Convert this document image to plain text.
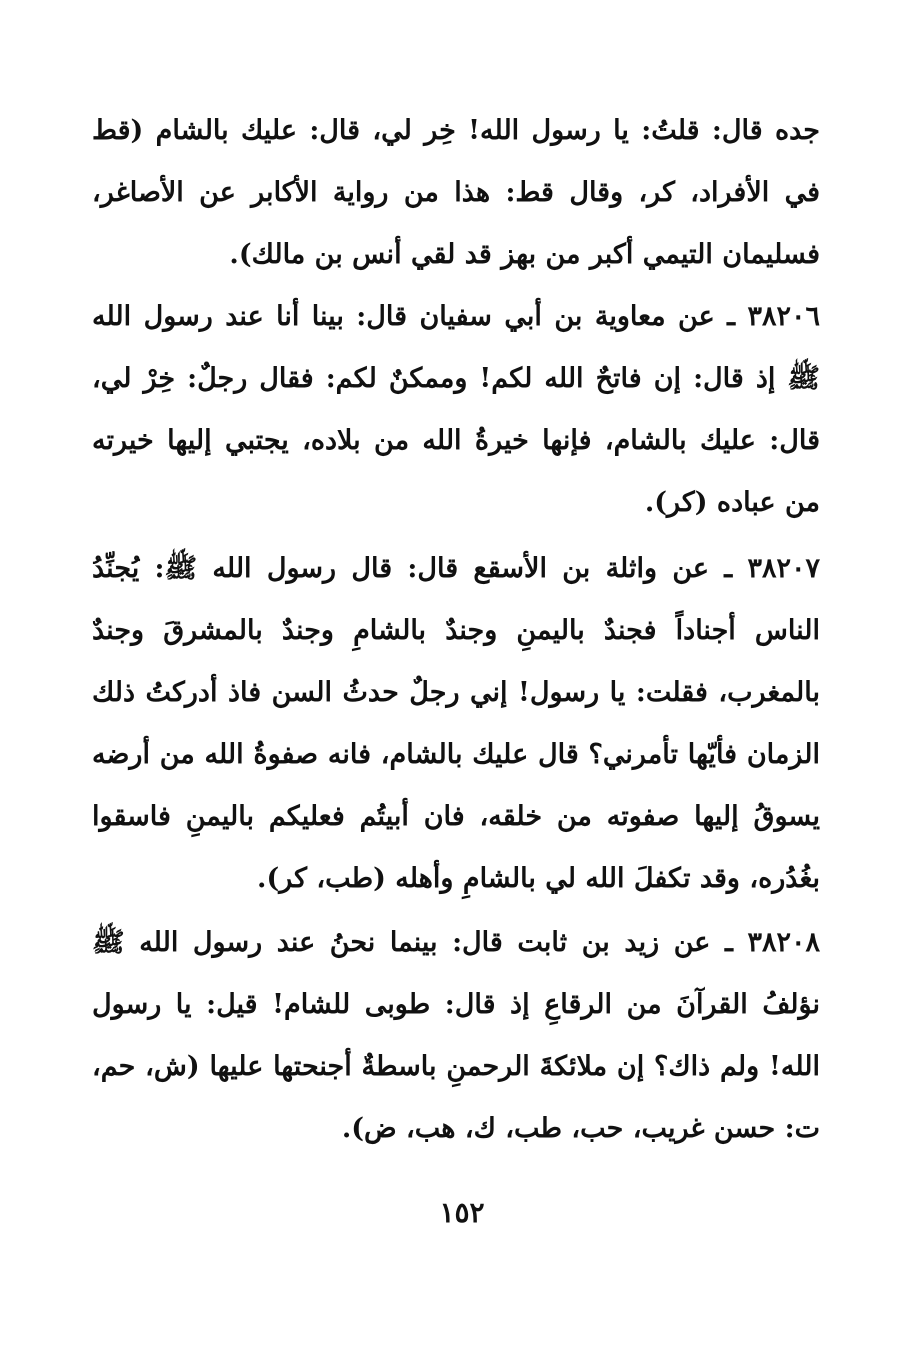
جده قال: قلتُ: يا رسول الله! خِر لي، قال: عليك بالشام (قط في الأفراد، كر، وقال قط: هذا من رواية الأكابر عن الأصاغر، فسليمان التيمي أكبر من بهز قد لقي أنس بن مالك).

٣٨٢٠٦ ـ عن معاوية بن أبي سفيان قال: بينا أنا عند رسول الله ﷺ إذ قال: إن فاتحٌ الله لكم! وممكنٌ لكم: فقال رجلٌ: خِرْ لي، قال: عليك بالشام، فإنها خيرةُ الله من بلاده، يجتبي إليها خيرته من عباده (كر).

٣٨٢٠٧ ـ عن واثلة بن الأسقع قال: قال رسول الله ﷺ: يُجنِّدُ الناس أجناداً فجندٌ باليمنِ وجندٌ بالشامِ وجندٌ بالمشرقَ وجندٌ بالمغرب، فقلت: يا رسول! إني رجلٌ حدثُ السن فاذ أدركتُ ذلك الزمان فأيّها تأمرني؟ قال عليك بالشام، فانه صفوةُ الله من أرضه يسوقُ إليها صفوته من خلقه، فان أبيتُم فعليكم باليمنِ فاسقوا بغُدُره، وقد تكفلَ الله لي بالشامِ وأهله (طب، كر).

٣٨٢٠٨ ـ عن زيد بن ثابت قال: بينما نحنُ عند رسول الله ﷺ نؤلفُ القرآنَ من الرقاعِ إذ قال: طوبى للشام! قيل: يا رسول الله! ولم ذاك؟ إن ملائكةَ الرحمنِ باسطةٌ أجنحتها عليها (ش، حم، ت: حسن غريب، حب، طب، ك، هب، ض).

١٥٢
